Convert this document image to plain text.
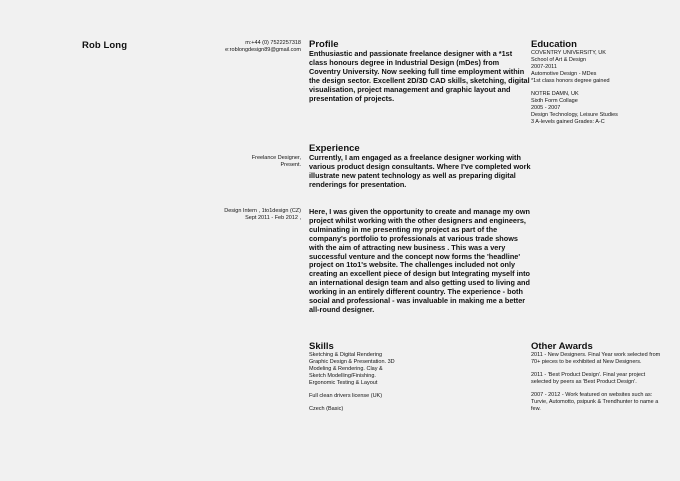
Rob Long	m:+44 (0) 7522257318
e:roblongdesign89@gmail.com Profile

Enthusiastic and passionate freelance designer with a *1st class honours degree in Industrial Design (mDes) from Coventry University. Now seeking full time employment within the design sector. Excellent 2D/3D CAD skills, sketching, digital visualisation, project management and graphic layout and presentation of projects.

Education
COVENTRY UNIVERSITY, UK
School of Art & Design
2007-2011
Automotive Design - MDes
*1st class honors degree gained
NOTRE DAMN, UK
Sixth Form Collage
2005 - 2007
Design Technology, Leisure Studies
3 A-levels gained Grades: A-C
Experience
Freelance Designer,
Present.

Currently, I am engaged as a freelance designer working with various product design consultants. Where I've completed work illustrate new patent technology as well as preparing digital renderings for presentation.

Design Intern , 1to1design (CZ)
Sept 2011 - Feb 2012 ,

Here, I was given the opportunity to create and manage my own project whilst working with the other designers and engineers, culminating in me presenting my project as part of the company's portfolio to professionals at various trade shows with the aim of attracting new business . This was a very successful venture and the concept now forms the 'headline' project on 1to1's website. The challenges included not only creating an excellent piece of design but Integrating myself into an international design team and also getting used to living and working in an entirely different country. The experience - both social and professional - was invaluable in making me a better all-round designer.

Skills

Sketching & Digital Rendering Graphic Design & Presentation. 3D Modeling & Rendering. Clay & Sketch Modelling/Finishing. Ergonomic Testing & Layout

Full clean drivers license (UK)

Czech (Basic)

Other Awards

2011 - New Designers. Final Year work selected from 70+ pieces to be exhibited at New Designers.

2011 - 'Best Product Design'. Final year project selected by peers as 'Best Product Design'.

2007 - 2012 - Work featured on websites such as: Turvie, Automotto, psipunk & Trendhunter to name a few.
